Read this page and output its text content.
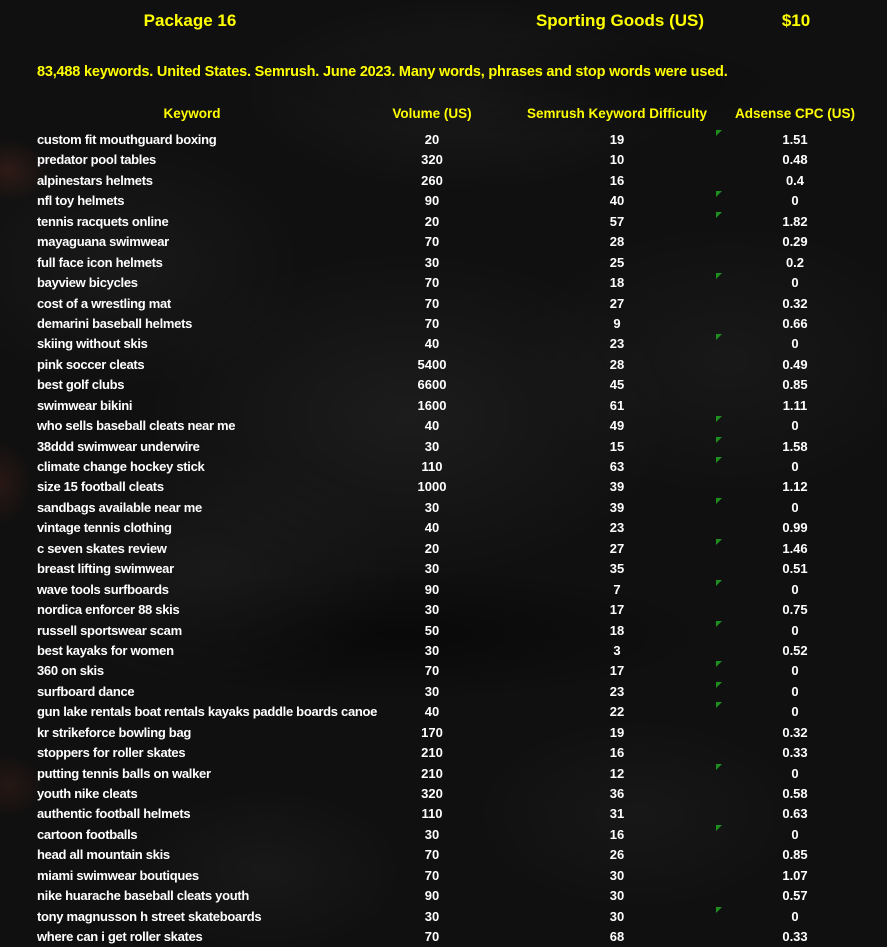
Package 16	Sporting Goods (US)	$10
83,488 keywords. United States. Semrush. June 2023. Many words, phrases and stop words were used.
Keyword	Volume (US)	Semrush Keyword Difficulty	Adsense CPC (US)
custom fit mouthguard boxing	20	19	1.51
predator pool tables	320	10	0.48
alpinestars helmets	260	16	0.4
nfl toy helmets	90	40	0
tennis racquets online	20	57	1.82
mayaguana swimwear	70	28	0.29
full face icon helmets	30	25	0.2
bayview bicycles	70	18	0
cost of a wrestling mat	70	27	0.32
demarini baseball helmets	70	9	0.66
skiing without skis	40	23	0
pink soccer cleats	5400	28	0.49
best golf clubs	6600	45	0.85
swimwear bikini	1600	61	1.11
who sells baseball cleats near me	40	49	0
38ddd swimwear underwire	30	15	1.58
climate change hockey stick	110	63	0
size 15 football cleats	1000	39	1.12
sandbags available near me	30	39	0
vintage tennis clothing	40	23	0.99
c seven skates review	20	27	1.46
breast lifting swimwear	30	35	0.51
wave tools surfboards	90	7	0
nordica enforcer 88 skis	30	17	0.75
russell sportswear scam	50	18	0
best kayaks for women	30	3	0.52
360 on skis	70	17	0
surfboard dance	30	23	0
gun lake rentals boat rentals kayaks paddle boards canoe	40	22	0
kr strikeforce bowling bag	170	19	0.32
stoppers for roller skates	210	16	0.33
putting tennis balls on walker	210	12	0
youth nike cleats	320	36	0.58
authentic football helmets	110	31	0.63
cartoon footballs	30	16	0
head all mountain skis	70	26	0.85
miami swimwear boutiques	70	30	1.07
nike huarache baseball cleats youth	90	30	0.57
tony magnusson h street skateboards	30	30	0
where can i get roller skates	70	68	0.33
